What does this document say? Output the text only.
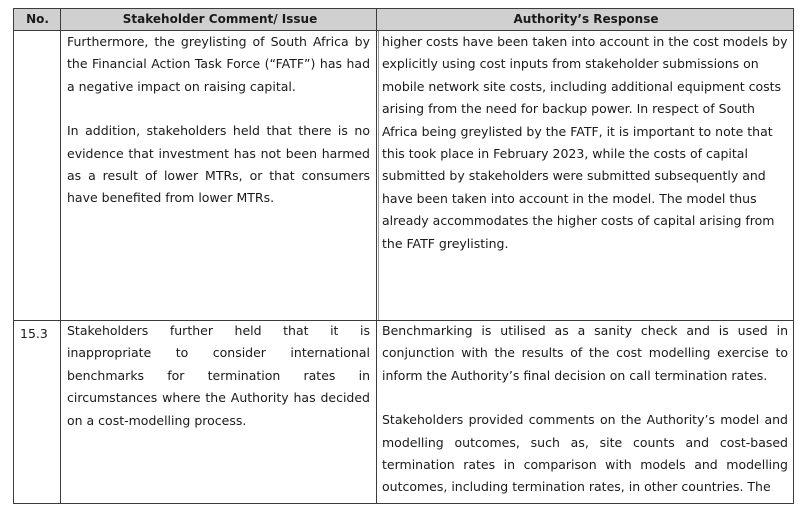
No.	Stakeholder Comment/ Issue	Authority’s Response
15.3

Furthermore, the greylisting of South Africa by the Financial Action Task Force (“FATF”) has had a negative impact on raising capital.

In addition, stakeholders held that there is no evidence that investment has not been harmed as a result of lower MTRs, or that consumers have benefited from lower MTRs.

higher costs have been taken into account in the cost models by explicitly using cost inputs from stakeholder submissions on mobile network site costs, including additional equipment costs arising from the need for backup power. In respect of South Africa being greylisted by the FATF, it is important to note that this took place in February 2023, while the costs of capital submitted by stakeholders were submitted subsequently and have been taken into account in the model. The model thus already accommodates the higher costs of capital arising from the FATF greylisting.

Stakeholders further held that it is inappropriate to consider international benchmarks for termination rates in circumstances where the Authority has decided on a cost-modelling process.

Benchmarking is utilised as a sanity check and is used in conjunction with the results of the cost modelling exercise to inform the Authority’s final decision on call termination rates.

Stakeholders provided comments on the Authority’s model and modelling outcomes, such as, site counts and cost-based termination rates in comparison with models and modelling outcomes, including termination rates, in other countries. The
